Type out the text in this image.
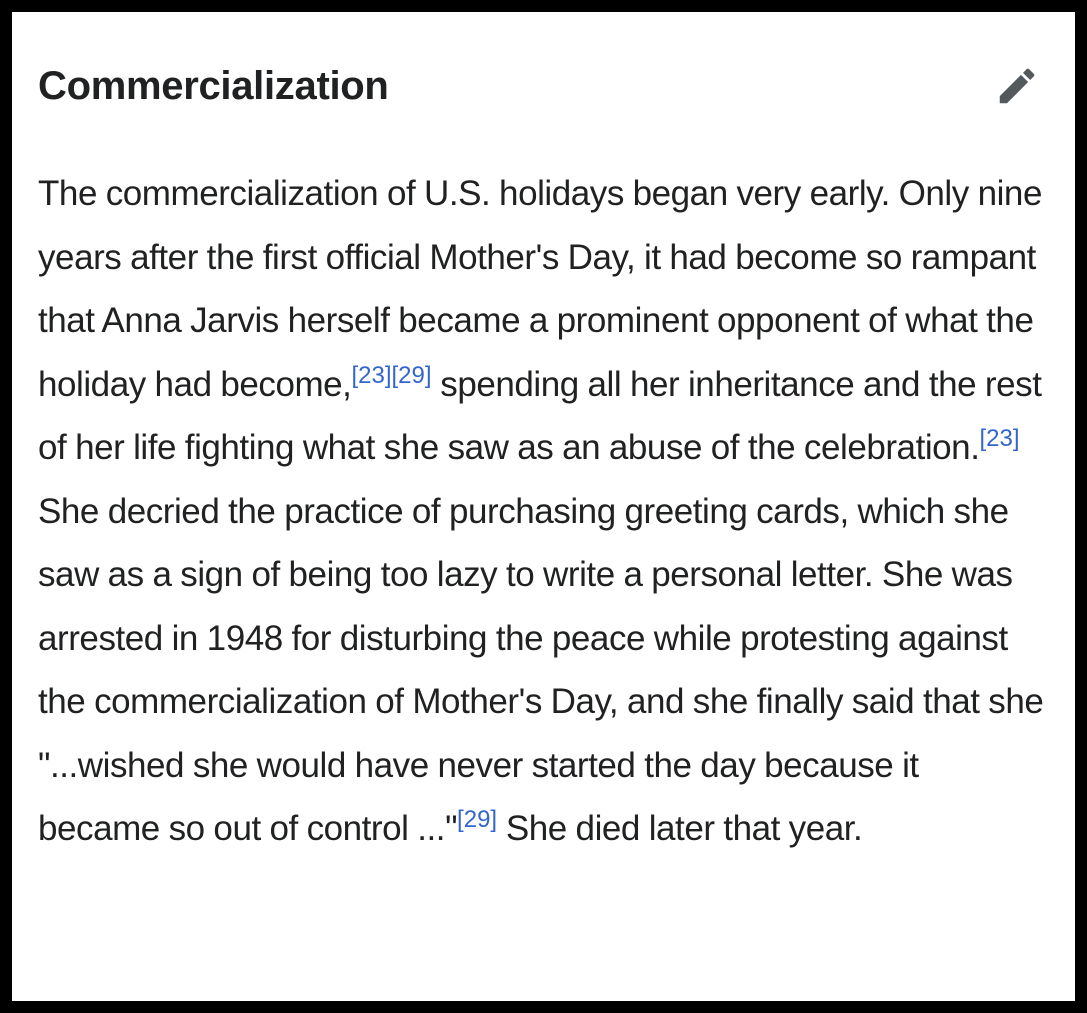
Commercialization

The commercialization of U.S. holidays began very early. Only nine years after the first official Mother's Day, it had become so rampant that Anna Jarvis herself became a prominent opponent of what the holiday had become,[23][29] spending all her inheritance and the rest of her life fighting what she saw as an abuse of the celebration.[23] She decried the practice of purchasing greeting cards, which she saw as a sign of being too lazy to write a personal letter. She was arrested in 1948 for disturbing the peace while protesting against the commercialization of Mother's Day, and she finally said that she "...wished she would have never started the day because it became so out of control ..."[29] She died later that year.
